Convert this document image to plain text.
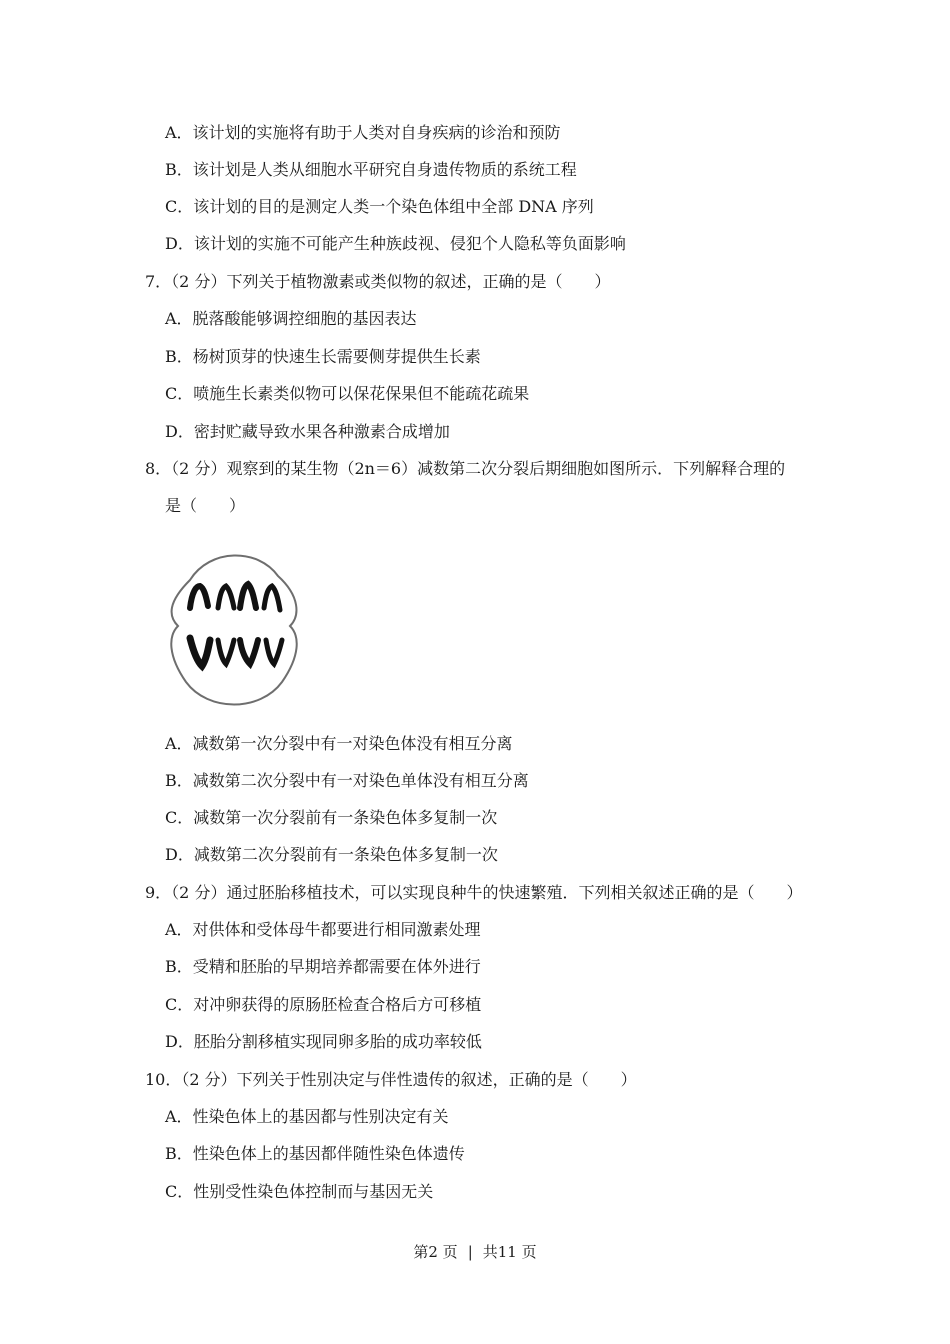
A．该计划的实施将有助于人类对自身疾病的诊治和预防
B．该计划是人类从细胞水平研究自身遗传物质的系统工程
C．该计划的目的是测定人类一个染色体组中全部 DNA 序列
D．该计划的实施不可能产生种族歧视、侵犯个人隐私等负面影响
7．（2 分）下列关于植物激素或类似物的叙述，正确的是（　　）
A．脱落酸能够调控细胞的基因表达
B．杨树顶芽的快速生长需要侧芽提供生长素
C．喷施生长素类似物可以保花保果但不能疏花疏果
D．密封贮藏导致水果各种激素合成增加
8．（2 分）观察到的某生物（2n＝6）减数第二次分裂后期细胞如图所示．下列解释合理的
是（　　）
A．减数第一次分裂中有一对染色体没有相互分离
B．减数第二次分裂中有一对染色单体没有相互分离
C．减数第一次分裂前有一条染色体多复制一次
D．减数第二次分裂前有一条染色体多复制一次
9．（2 分）通过胚胎移植技术，可以实现良种牛的快速繁殖．下列相关叙述正确的是（　　）
A．对供体和受体母牛都要进行相同激素处理
B．受精和胚胎的早期培养都需要在体外进行
C．对冲卵获得的原肠胚检查合格后方可移植
D．胚胎分割移植实现同卵多胎的成功率较低
10．（2 分）下列关于性别决定与伴性遗传的叙述，正确的是（　　）
A．性染色体上的基因都与性别决定有关
B．性染色体上的基因都伴随性染色体遗传
C．性别受性染色体控制而与基因无关
第2 页 | 共11 页
